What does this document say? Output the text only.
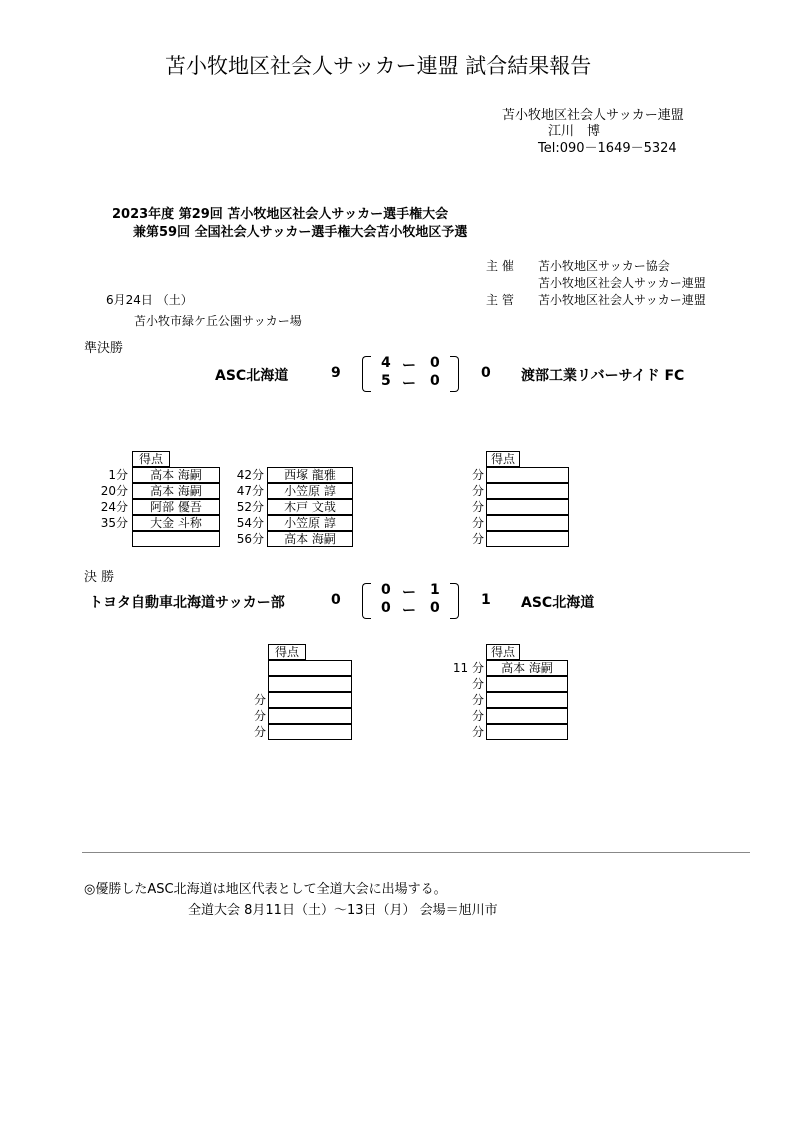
苫小牧地区社会人サッカー連盟 試合結果報告
苫小牧地区社会人サッカー連盟
江川　博
Tel:090－1649－5324
2023年度 第29回 苫小牧地区社会人サッカー選手権大会
兼第59回 全国社会人サッカー選手権大会苫小牧地区予選
主 催 苫小牧地区サッカー協会
苫小牧地区社会人サッカー連盟
主 管 苫小牧地区社会人サッカー連盟
6月24日 （土）
苫小牧市緑ケ丘公園サッカー場
準決勝
ASC北海道	9
4 ー 0
5 ー 0	0 渡部工業リバーサイド FC
得点
1分	高本 海嗣
20分	高本 海嗣
24分	阿部 優吾
35分	大金 斗称
42分	西塚 龍雅
47分	小笠原 諄
52分	木戸 文哉
54分	小笠原 諄
56分	高本 海嗣
得点
分
分
分
分
分
決 勝
トヨタ自動車北海道サッカー部	0
0 ー 1
0 ー 0	1 ASC北海道
得点
分
分
分
得点
11 分	高本 海嗣
分
分
分
分
◎優勝したASC北海道は地区代表として全道大会に出場する。
全道大会 8月11日（土）～13日（月） 会場＝旭川市
